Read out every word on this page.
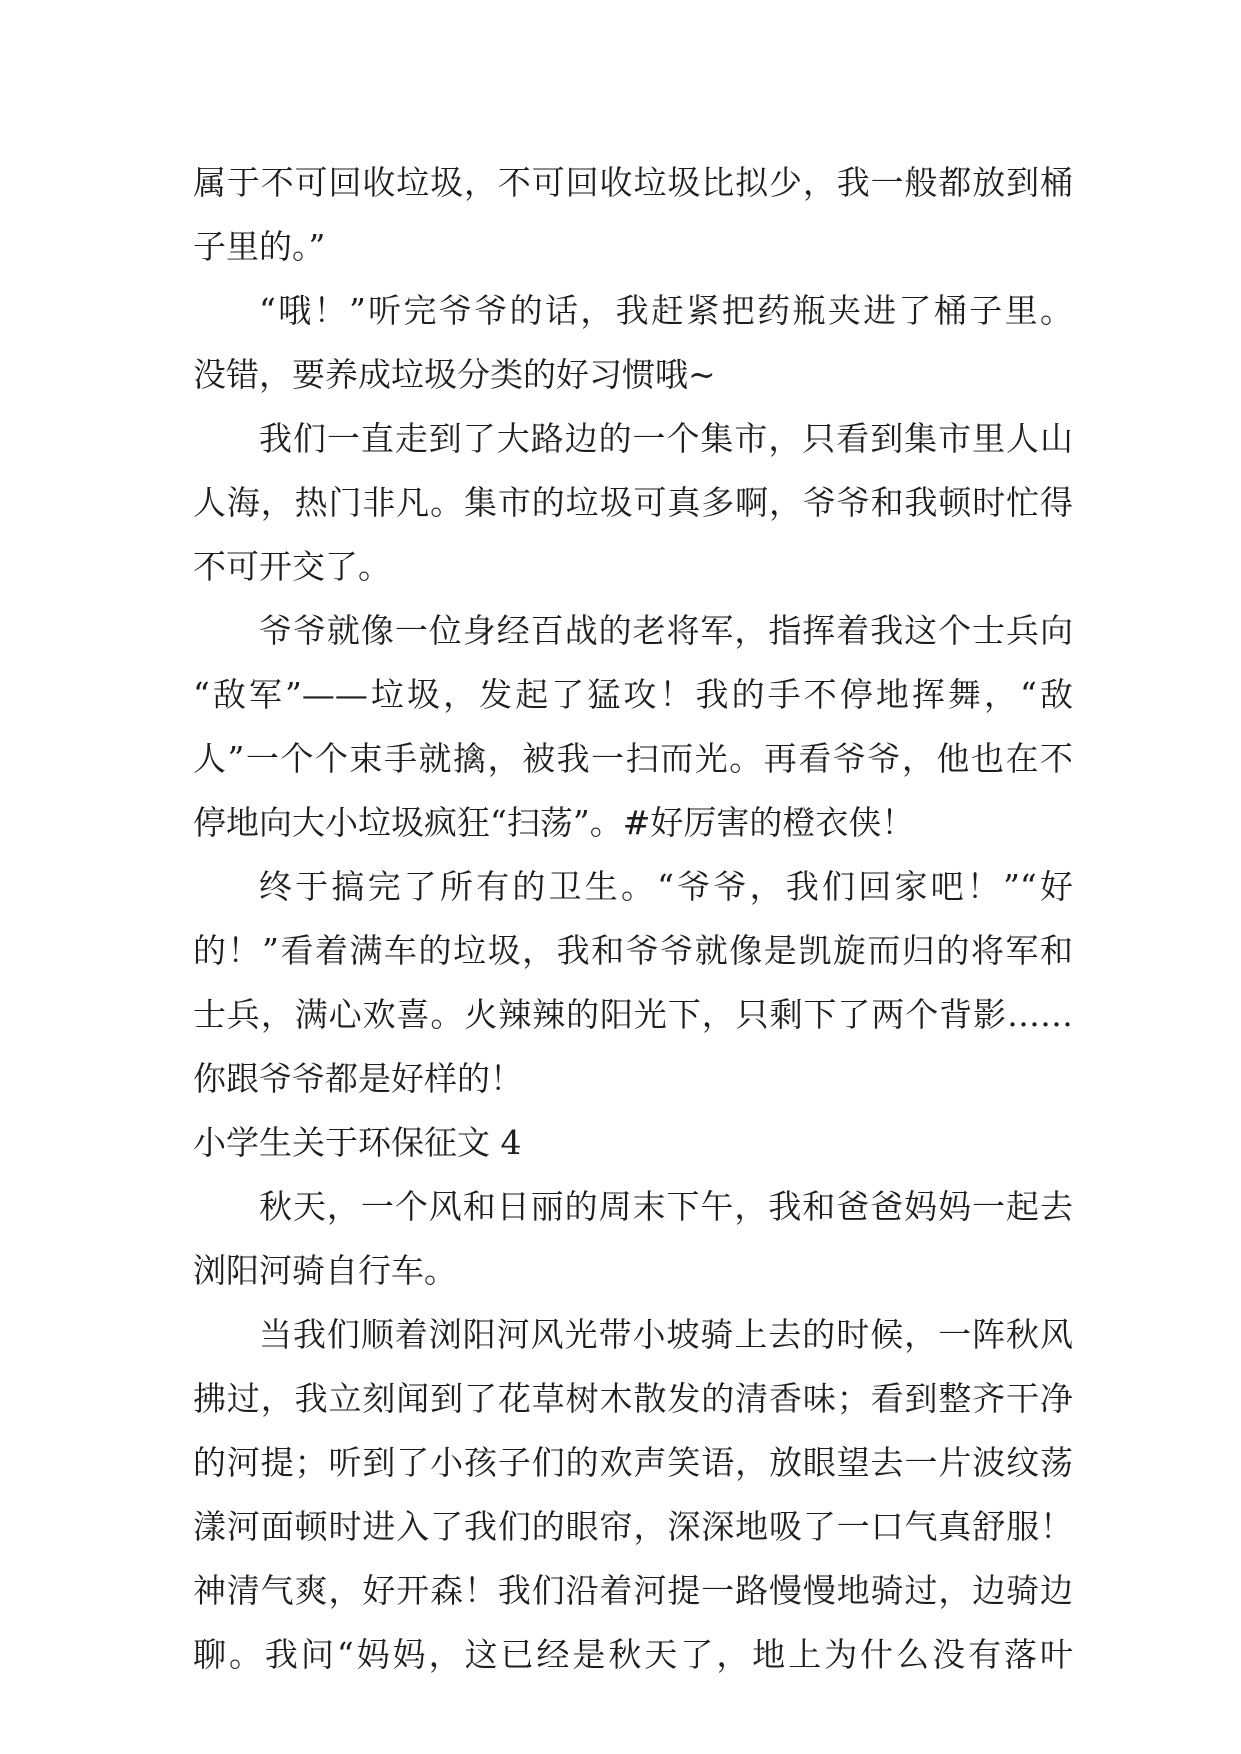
属于不可回收垃圾，不可回收垃圾比拟少，我一般都放到桶
子里的。”
“哦！”听完爷爷的话，我赶紧把药瓶夹进了桶子里。
没错，要养成垃圾分类的好习惯哦~
我们一直走到了大路边的一个集市，只看到集市里人山
人海，热门非凡。集市的垃圾可真多啊，爷爷和我顿时忙得
不可开交了。
爷爷就像一位身经百战的老将军，指挥着我这个士兵向
“敌军”——垃圾，发起了猛攻！我的手不停地挥舞，“敌
人”一个个束手就擒，被我一扫而光。再看爷爷，他也在不
停地向大小垃圾疯狂“扫荡”。#好厉害的橙衣侠！
终于搞完了所有的卫生。“爷爷，我们回家吧！”“好
的！”看着满车的垃圾，我和爷爷就像是凯旋而归的将军和
士兵，满心欢喜。火辣辣的阳光下，只剩下了两个背影……
你跟爷爷都是好样的！
小学生关于环保征文 4
秋天，一个风和日丽的周末下午，我和爸爸妈妈一起去
浏阳河骑自行车。
当我们顺着浏阳河风光带小坡骑上去的时候，一阵秋风
拂过，我立刻闻到了花草树木散发的清香味；看到整齐干净
的河提；听到了小孩子们的欢声笑语，放眼望去一片波纹荡
漾河面顿时进入了我们的眼帘，深深地吸了一口气真舒服！
神清气爽，好开森！我们沿着河提一路慢慢地骑过，边骑边
聊。我问“妈妈，这已经是秋天了，地上为什么没有落叶
